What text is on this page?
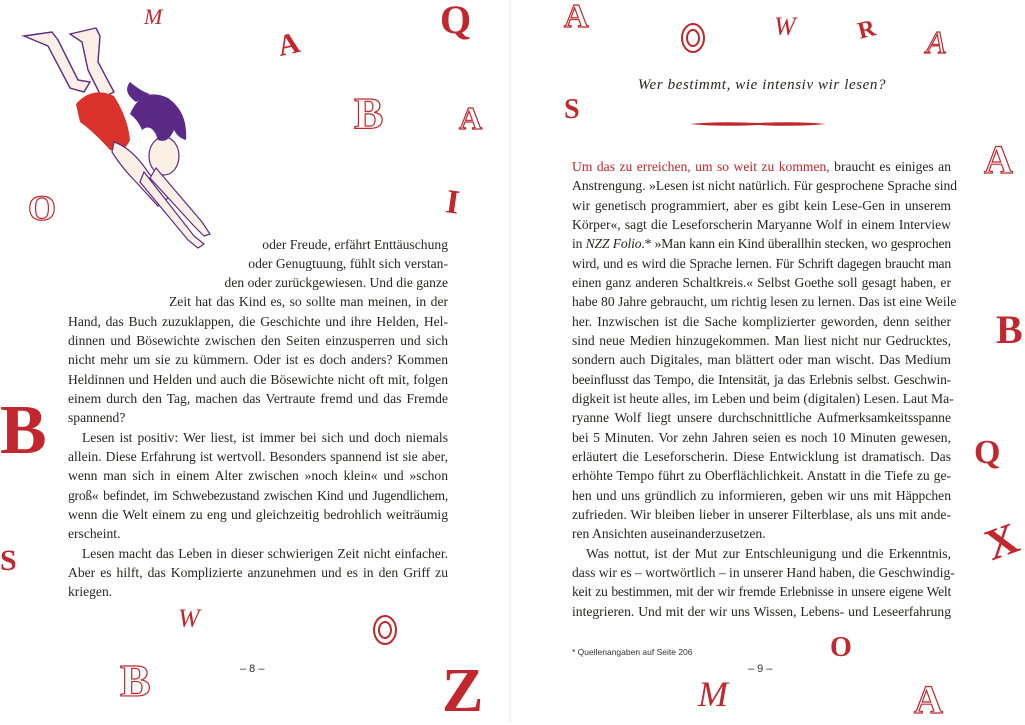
oder Freude, erfährt Enttäuschung
oder Genugtuung, fühlt sich verstan-
den oder zurückgewiesen. Und die ganze
Zeit hat das Kind es, so sollte man meinen, in der
Hand, das Buch zuzuklappen, die Geschichte und ihre Helden, Hel-
dinnen und Bösewichte zwischen den Seiten einzusperren und sich
nicht mehr um sie zu kümmern. Oder ist es doch anders? Kommen
Heldinnen und Helden und auch die Bösewichte nicht oft mit, folgen
einem durch den Tag, machen das Vertraute fremd und das Fremde
spannend?
Lesen ist positiv: Wer liest, ist immer bei sich und doch niemals
allein. Diese Erfahrung ist wertvoll. Besonders spannend ist sie aber,
wenn man sich in einem Alter zwischen »noch klein« und »schon
groß« befindet, im Schwebezustand zwischen Kind und Jugendlichem,
wenn die Welt einem zu eng und gleichzeitig bedrohlich weiträumig
erscheint.
Lesen macht das Leben in dieser schwierigen Zeit nicht einfacher.
Aber es hilft, das Komplizierte anzunehmen und es in den Griff zu
kriegen.
– 8 –
Wer bestimmt, wie intensiv wir lesen?
Um das zu erreichen, um so weit zu kommen, braucht es einiges an
Anstrengung. »Lesen ist nicht natürlich. Für gesprochene Sprache sind
wir genetisch programmiert, aber es gibt kein Lese-Gen in unserem
Körper«, sagt die Leseforscherin Maryanne Wolf in einem Interview
in NZZ Folio.* »Man kann ein Kind überallhin stecken, wo gesprochen
wird, und es wird die Sprache lernen. Für Schrift dagegen braucht man
einen ganz anderen Schaltkreis.« Selbst Goethe soll gesagt haben, er
habe 80 Jahre gebraucht, um richtig lesen zu lernen. Das ist eine Weile
her. Inzwischen ist die Sache komplizierter geworden, denn seither
sind neue Medien hinzugekommen. Man liest nicht nur Gedrucktes,
sondern auch Digitales, man blättert oder man wischt. Das Medium
beeinflusst das Tempo, die Intensität, ja das Erlebnis selbst. Geschwin-
digkeit ist heute alles, im Leben und beim (digitalen) Lesen. Laut Ma-
ryanne Wolf liegt unsere durchschnittliche Aufmerksamkeitsspanne
bei 5 Minuten. Vor zehn Jahren seien es noch 10 Minuten gewesen,
erläutert die Leseforscherin. Diese Entwicklung ist dramatisch. Das
erhöhte Tempo führt zu Oberflächlichkeit. Anstatt in die Tiefe zu ge-
hen und uns gründlich zu informieren, geben wir uns mit Häppchen
zufrieden. Wir bleiben lieber in unserer Filterblase, als uns mit ande-
ren Ansichten auseinanderzusetzen.
Was nottut, ist der Mut zur Entschleunigung und die Erkenntnis,
dass wir es – wortwörtlich – in unserer Hand haben, die Geschwindig-
keit zu bestimmen, mit der wir fremde Erlebnisse in unsere eigene Welt
integrieren. Und mit der wir uns Wissen, Lebens- und Leseerfahrung
* Quellenangaben auf Seite 206
– 9 –
M	Q	A
A	W R A
A	S
B
A
I
O
B
B	Q
S
W
B	Z	M
O
A
X
